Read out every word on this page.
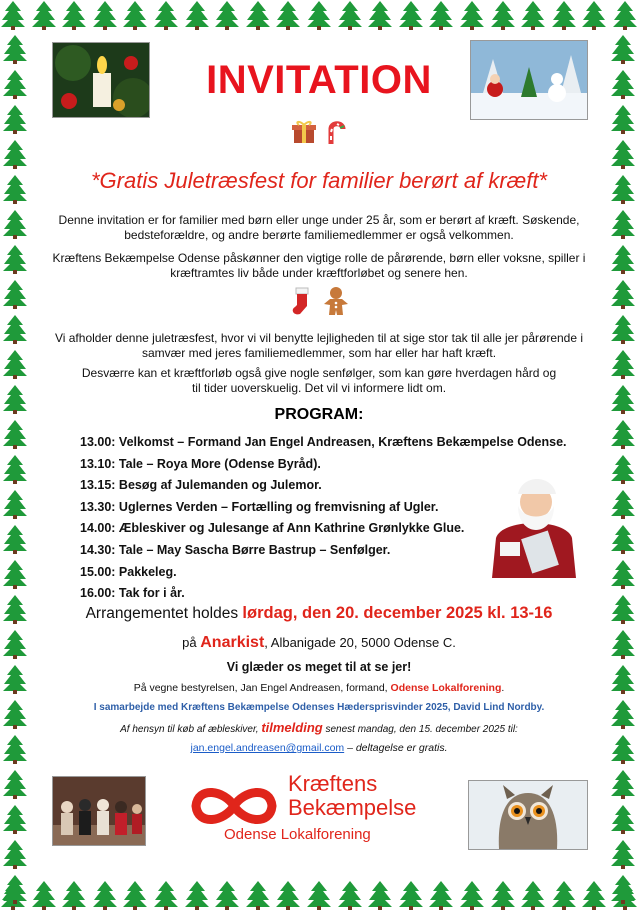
INVITATION
*Gratis Juletræsfest for familier berørt af kræft*
Denne invitation er for familier med børn eller unge under 25 år, som er berørt af kræft. Søskende, bedsteforældre, og andre berørte familiemedlemmer er også velkommen.
Kræftens Bekæmpelse Odense påskønner den vigtige rolle de pårørende, børn eller voksne, spiller i kræftramtes liv både under kræftforløbet og senere hen.
Vi afholder denne juletræsfest, hvor vi vil benytte lejligheden til at sige stor tak til alle jer pårørende i samvær med jeres familiemedlemmer, som har eller har haft kræft.
Desværre kan et kræftforløb også give nogle senfølger, som kan gøre hverdagen hård og til tider uoverskuelig. Det vil vi informere lidt om.
PROGRAM:
13.00: Velkomst – Formand Jan Engel Andreasen, Kræftens Bekæmpelse Odense.
13.10: Tale – Roya More (Odense Byråd).
13.15: Besøg af Julemanden og Julemor.
13.30: Uglernes Verden – Fortælling og fremvisning af Ugler.
14.00: Æbleskiver og Julesange af Ann Kathrine Grønlykke Glue.
14.30: Tale – May Sascha Børre Bastrup – Senfølger.
15.00: Pakkeleg.
16.00: Tak for i år.
Arrangementet holdes lørdag, den 20. december 2025 kl. 13-16
på Anarkist, Albanigade 20, 5000 Odense C.
Vi glæder os meget til at se jer!
På vegne bestyrelsen, Jan Engel Andreasen, formand, Odense Lokalforening.
I samarbejde med Kræftens Bekæmpelse Odenses Hædersprisvinder 2025, David Lind Nordby.
Af hensyn til køb af æbleskiver, tilmelding senest mandag, den 15. december 2025 til:
jan.engel.andreasen@gmail.com – deltagelse er gratis.
Kræftens
Bekæmpelse
Odense Lokalforening
